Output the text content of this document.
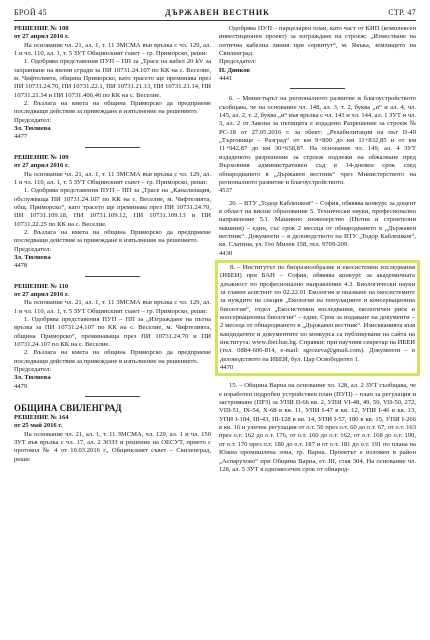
БРОЙ 45	ДЪРЖАВЕН ВЕСТНИК	СТР. 47

РЕШЕНИЕ № 108

от 27 април 2016 г.

На основание чл. 21, ал. 1, т. 11 ЗМСМА във връзка с чл. 129, ал. 1 и чл. 110, ал. 1, т. 5 ЗУТ Общинският съвет – гр. Приморско, реши:

1. Одобрява представения ПУП – ПП за „Трасе на кабел 20 kV за захранване на вилни сгради за ПИ 10731.24.107 по КК на с. Веселие, м. Чифтелията, община Приморско, като трасето ще преминава през ПИ 10731.24.70, ПИ 10731.22.1, ПИ 10731.21.13, ПИ 10731.21.14, ПИ 10731.21.34 и ПИ 10731.406.46 по КК на с. Веселие.

2. Възлага на кмета на община Приморско да предприеме последващи действия за привеждане в изпълнение на решението.

Председател:

Зл. Тюлиева

4477

РЕШЕНИЕ № 109

от 27 април 2016 г.

На основание чл. 21, ал. 1, т. 11 ЗМСМА във връзка с чл. 129, ал. 1 и чл. 110, ал. 1, т. 5 ЗУТ Общинският съвет – гр. Приморско, реши:

1. Одобрява представения ПУП – ПП за „Трасе на „Канализация, обслужваща ПИ 10731.24.107 по КК на с. Веселие, м. Чифтелията, общ. Приморско“, като трасето ще преминава през ПИ 10731.24.70, ПИ 10731.109.18, ПИ 10731.109.12, ПИ 10731.109.13 и ПИ 10731.22.25 по КК на с. Веселие.

2. Възлага на кмета на община Приморско да предприеме последващи действия за привеждане в изпълнение на решението.

Председател:

Зл. Тюлиева

4478

РЕШЕНИЕ № 110

от 27 април 2016 г.

На основание чл. 21, ал. 1, т. 11 ЗМСМА във връзка с чл. 129, ал. 1 и чл. 110, ал. 1, т. 5 ЗУТ Общинският съвет – гр. Приморско, реши:

1. Одобрява представения ПУП – ПП за „Изграждане на пътна връзка за ПИ 10731.24.107 по КК на с. Веселие, м. Чифтелията, община Приморско“, преминаваща през ПИ 10731.24.70 и ПИ 10731.24.107 по КК на с. Веселие.

2. Възлага на кмета на община Приморско да предприеме последващи действия за привеждане в изпълнение на решението.

Председател:

Зл. Тюлиева

4479

ОБЩИНА СВИЛЕНГРАД

РЕШЕНИЕ № 164

от 25 май 2016 г.

На основание чл. 21, ал. 1, т. 11 ЗМСМА, чл. 129, ал. 1 и чл. 150 ЗУТ във връзка с чл. 17, ал. 2 ЗОЗЗ и решение на ОЕСУТ, прието с протокол № 4 от 10.03.2016 г., Общинският съвет – Свиленград, реши:

Одобрява ПУП – парцеларен план, като част от КИП (комплексен инвестиционен проект) за изграждане на строеж: „Изместване на оптична кабелна линия при сервитут“, м. Якъка, землището на Свиленград.

Председател:

Н. Динков

4441

6. – Министърът на регионалното развитие и благоустройството съобщава, че на основание чл. 148, ал. 3, т. 2, буква „и“ и ал. 4, чл. 145, ал. 2, т. 2, буква „и“ във връзка с чл. 143 и чл. 144, ал. 1 ЗУТ и чл. 3, ал. 2 от Закона за пътищата е издадено Разрешение за строеж № РС-18 от 27.05.2016 г. за обект: „Рехабилитация на път II-49 „Търговище – Разград“ от км 9+800 до км 11+832,85 и от км 11+942,87 до км 30+658,87. На основание чл. 149, ал. 4 ЗУТ издаденото разрешение за строеж подлежи на обжалване пред Върховния административен съд в 14-дневен срок след обнародването в „Държавен вестник“ чрез Министерството на регионалното развитие и благоустройството.

4537

20. – ВТУ „Тодор Каблешков“ – София, обявява конкурс за доцент в област на висше образование 5. Технически науки, професионално направление 5.1. Машинно инженерство (Пътни и строителни машини) – един, със срок 2 месеца от обнародването в „Държавен вестник“. Документи – в деловодството на ВТУ „Тодор Каблешков“, кв. Слатина, ул. Гео Милев 158, тел. 9709-209.

4430

8. – Институтът по биоразнообразие и екосистемни изследвания (ИБЕИ) при БАН – София, обявява конкурс за академичната длъжност по професионално направление 4.3. Биологически науки за главен асистент по 02.22.01 Екология и опазване на екосистемите за нуждите на секция „Екология на популациите и консервационна биология“, отдел „Екосистемни изследвания, екологичен риск и консервационна биология“ – един. Срок за подаване на документи – 2 месеца от обнародването в „Държавен вестник“. Изискванията към кандидатите и документите по конкурса са публикувани на сайта на института: www.iber.bas.bg. Справки: при научния секретар на ИБЕИ (тел. 0884-606-814, e-mail: sgrozeva@gmail.com). Документи – в деловодството на ИБЕИ, бул. Цар Освободител 1.

4470

15. – Община Варна на основание чл. 128, ал. 2 ЗУТ съобщава, че е изработен подробен устройствен план (ПУП) – план за регулация и застрояване (ПРЗ) за УПИ II-66 кв. 2, УПИ VI-48, 49, 50, VII-50, 272, VIII-51, IX-54, X-68 в кв. 11, УПИ I-47 в кв. 12, УПИ I-46 в кв. 13, УПИ I-184, III-43, III-128 в кв. 14, УПИ I-57, 180 в кв. 15, УПИ I-266 в кв. 16 и улична регулация от о.т. 56 през о.т. 60 до о.т. 67, от о.т. 163 през о.т. 162 до о.т. 176, от о.т. 160 до о.т. 162, от о.т. 168 до о.т. 190, от о.т. 170 през о.т. 180 до о.т. 187 и от о.т. 181 до о.т. 191 по плана на Южна промишлена зона, гр. Варна. Проектът е изложен в район „Аспарухово“ при Община Варна, ет. III, стая 304. На основание чл. 128, ал. 5 ЗУТ в едномесечен срок от обнарод-
